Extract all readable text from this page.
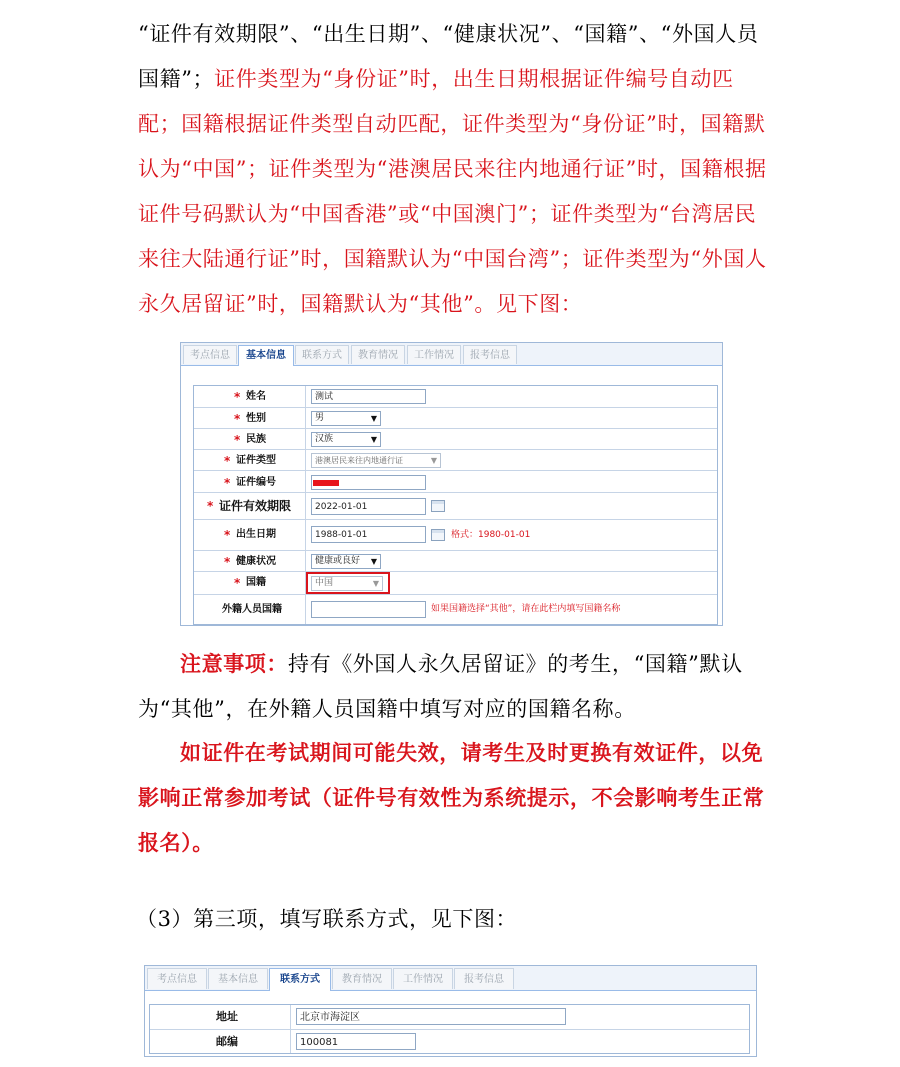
“证件有效期限”、“出生日期”、“健康状况”、“国籍”、“外国人员国籍”；证件类型为“身份证”时，出生日期根据证件编号自动匹配；国籍根据证件类型自动匹配，证件类型为“身份证”时，国籍默认为“中国”；证件类型为“港澳居民来往内地通行证”时，国籍根据证件号码默认为“中国香港”或“中国澳门”；证件类型为“台湾居民来往大陆通行证”时，国籍默认为“中国台湾”；证件类型为“外国人永久居留证”时，国籍默认为“其他”。见下图：
考点信息	基本信息	联系方式	教育情况	工作情况	报考信息
* 姓名	测试
* 性别	男	▼
* 民族	汉族	▼
* 证件类型	港澳居民来往内地通行证	▼
* 证件编号
* 证件有效期限	2022-01-01
* 出生日期	1988-01-01	格式：1980-01-01
* 健康状况	健康或良好 ▼
* 国籍	中国	▼
外籍人员国籍	如果国籍选择“其他”，请在此栏内填写国籍名称
注意事项：持有《外国人永久居留证》的考生，“国籍”默认为“其他”，在外籍人员国籍中填写对应的国籍名称。
如证件在考试期间可能失效，请考生及时更换有效证件，以免影响正常参加考试（证件号有效性为系统提示，不会影响考生正常报名）。
（3）第三项，填写联系方式，见下图：
考点信息	基本信息	联系方式	教育情况	工作情况	报考信息
地址	北京市海淀区
邮编	100081
